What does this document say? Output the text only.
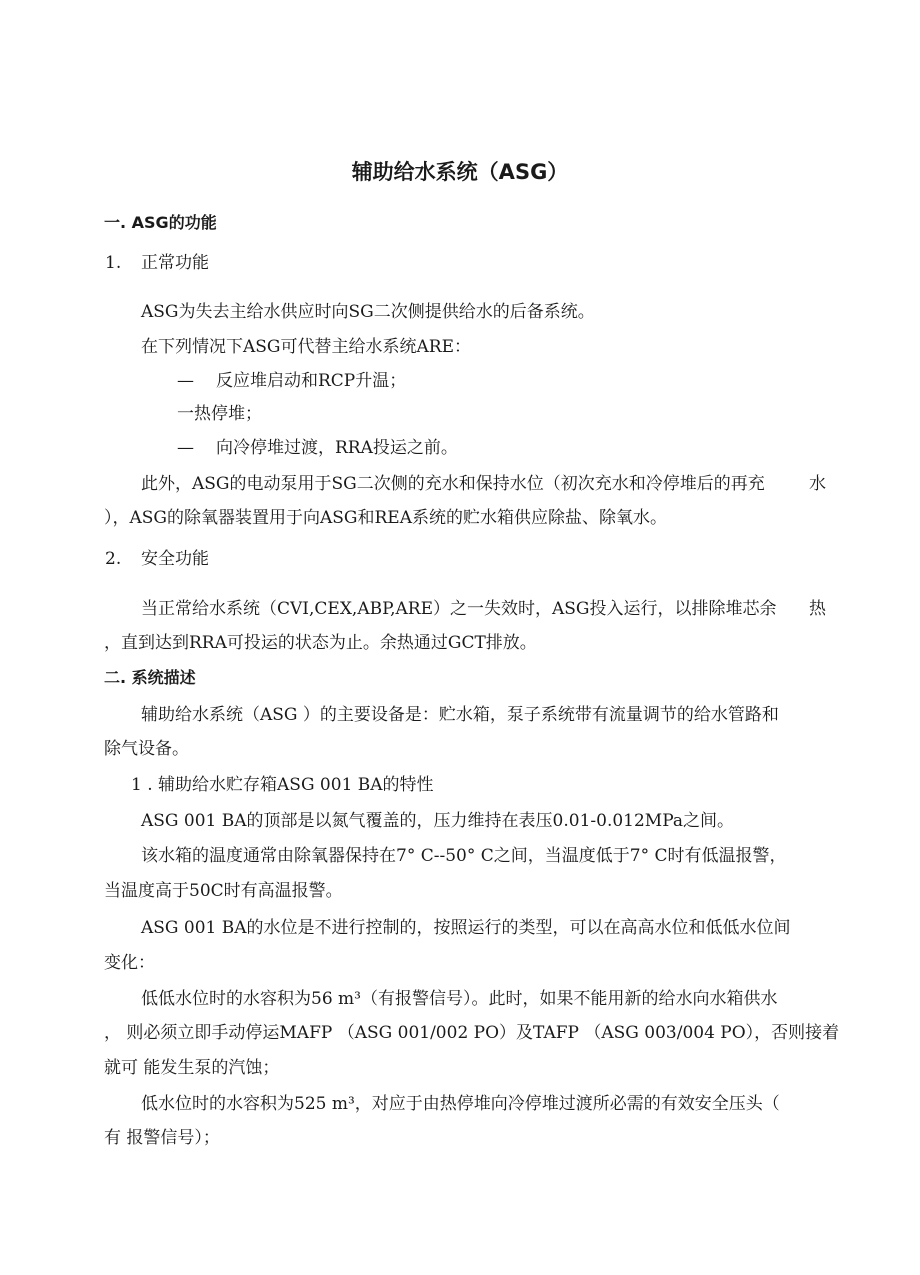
辅助给水系统（ASG）
一. ASG的功能
1. 正常功能
ASG为失去主给水供应时向SG二次侧提供给水的后备系统。
在下列情况下ASG可代替主给水系统ARE：
— 反应堆启动和RCP升温；
一热停堆；
— 向冷停堆过渡，RRA投运之前。
此外，ASG的电动泵用于SG二次侧的充水和保持水位（初次充水和冷停堆后的再充	水
），ASG的除氧器装置用于向ASG和REA系统的贮水箱供应除盐、除氧水。
2. 安全功能
当正常给水系统（CVI,CEX,ABP,ARE）之一失效时，ASG投入运行，以排除堆芯余 热
，直到达到RRA可投运的状态为止。余热通过GCT排放。
二. 系统描述
辅助给水系统（ASG ）的主要设备是：贮水箱，泵子系统带有流量调节的给水管路和
除气设备。
1 . 辅助给水贮存箱ASG 001 BA的特性
ASG 001 BA的顶部是以氮气覆盖的，压力维持在表压0.01-0.012MPa之间。
该水箱的温度通常由除氧器保持在7° C--50° C之间，当温度低于7° C时有低温报警，
当温度高于50C时有高温报警。
ASG 001 BA的水位是不进行控制的，按照运行的类型，可以在高高水位和低低水位间
变化：
低低水位时的水容积为56 m³（有报警信号）。此时，如果不能用新的给水向水箱供水
， 则必须立即手动停运MAFP （ASG 001/002 PO）及TAFP （ASG 003/004 PO），否则接着
就可 能发生泵的汽蚀；
低水位时的水容积为525 m³，对应于由热停堆向冷停堆过渡所必需的有效安全压头（
有 报警信号）；
